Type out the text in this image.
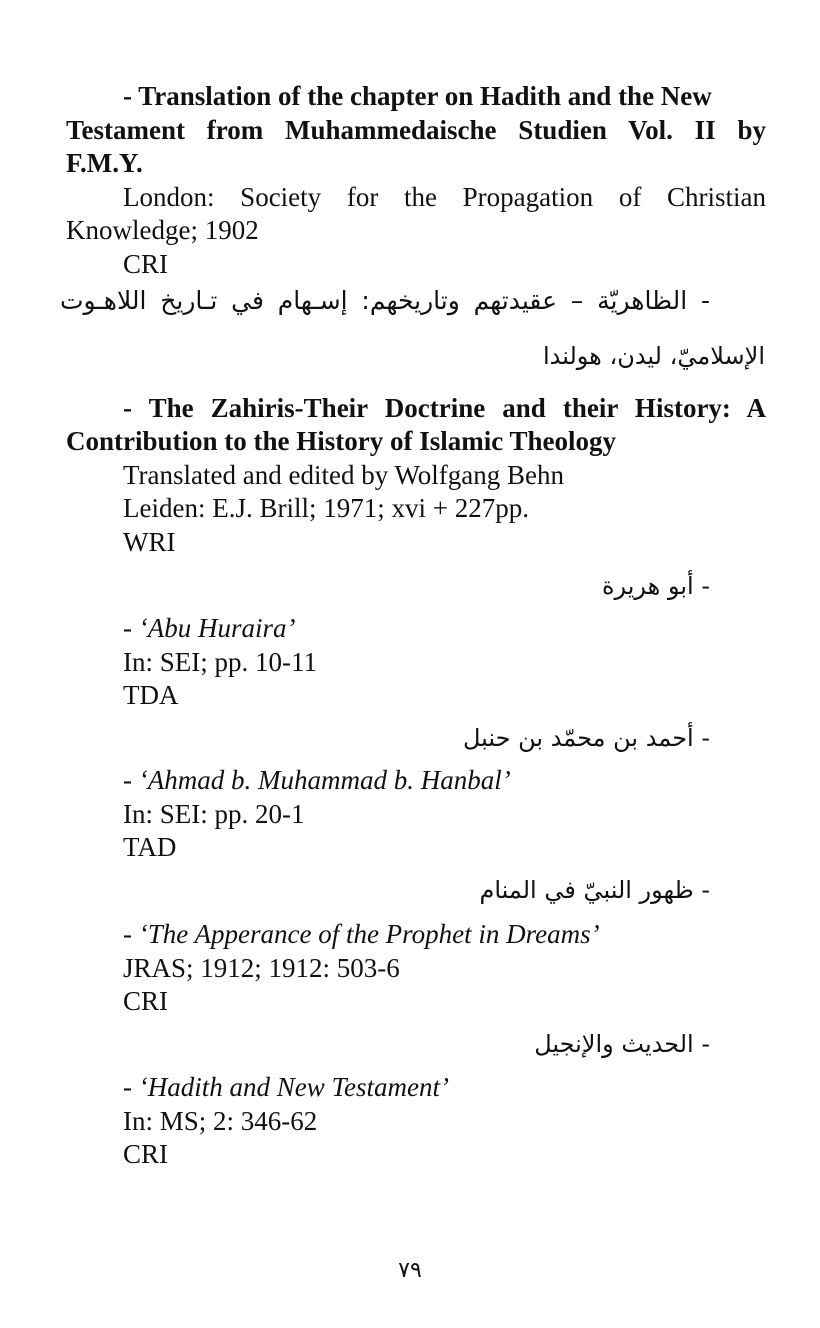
- Translation of the chapter on Hadith and the New
Testament from Muhammedaische Studien Vol. II by
F.M.Y.
London: Society for the Propagation of Christian
Knowledge; 1902
CRI
- الظاهريّة – عقيدتهم وتاريخهم: إسـهام في تـاريخ اللاهـوت
الإسلاميّ، ليدن، هولندا
- The Zahiris-Their Doctrine and their History: A
Contribution to the History of Islamic Theology
Translated and edited by Wolfgang Behn
Leiden: E.J. Brill; 1971; xvi + 227pp.
WRI
- أبو هريرة
- ‘Abu Huraira’
In: SEI; pp. 10-11
TDA
- أحمد بن محمّد بن حنبل
- ‘Ahmad b. Muhammad b. Hanbal’
In: SEI: pp. 20-1
TAD
- ظهور النبيّ في المنام
- ‘The Apperance of the Prophet in Dreams’
JRAS; 1912; 1912: 503-6
CRI
- الحديث والإنجيل
- ‘Hadith and New Testament’
In: MS; 2: 346-62
CRI
٧٩
